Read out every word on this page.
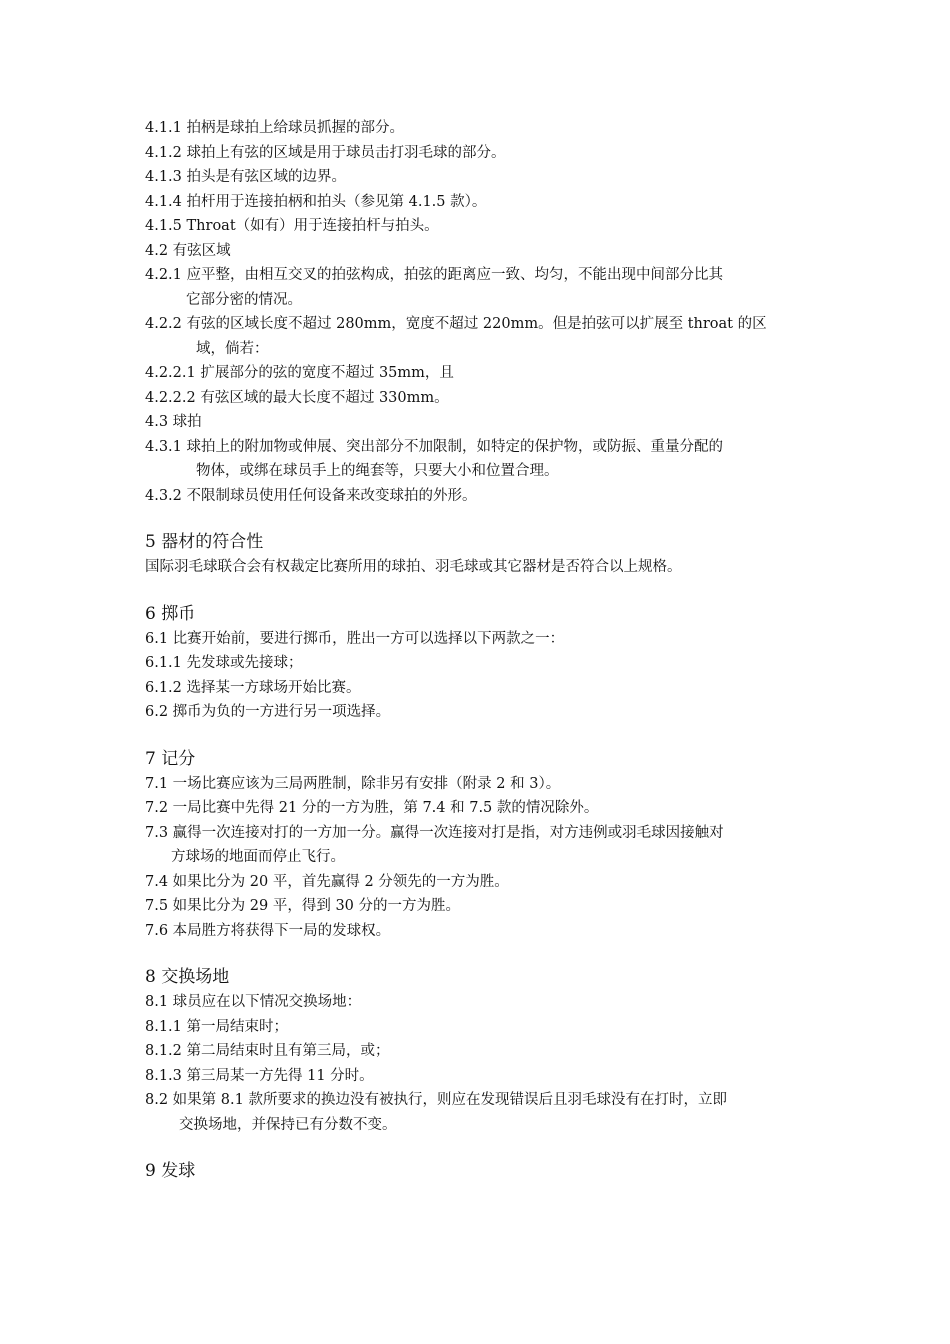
4.1.1 拍柄是球拍上给球员抓握的部分。
4.1.2 球拍上有弦的区域是用于球员击打羽毛球的部分。
4.1.3 拍头是有弦区域的边界。
4.1.4 拍杆用于连接拍柄和拍头（参见第 4.1.5 款）。
4.1.5 Throat（如有）用于连接拍杆与拍头。
4.2 有弦区域
4.2.1 应平整，由相互交叉的拍弦构成，拍弦的距离应一致、均匀，不能出现中间部分比其
它部分密的情况。
4.2.2 有弦的区域长度不超过 280mm，宽度不超过 220mm。但是拍弦可以扩展至 throat 的区
域，倘若：
4.2.2.1 扩展部分的弦的宽度不超过 35mm，且
4.2.2.2 有弦区域的最大长度不超过 330mm。
4.3 球拍
4.3.1 球拍上的附加物或伸展、突出部分不加限制，如特定的保护物，或防振、重量分配的
物体，或绑在球员手上的绳套等，只要大小和位置合理。
4.3.2 不限制球员使用任何设备来改变球拍的外形。
5 器材的符合性
国际羽毛球联合会有权裁定比赛所用的球拍、羽毛球或其它器材是否符合以上规格。
6 掷币
6.1 比赛开始前，要进行掷币，胜出一方可以选择以下两款之一：
6.1.1 先发球或先接球；
6.1.2 选择某一方球场开始比赛。
6.2 掷币为负的一方进行另一项选择。
7 记分
7.1 一场比赛应该为三局两胜制，除非另有安排（附录 2 和 3）。
7.2 一局比赛中先得 21 分的一方为胜，第 7.4 和 7.5 款的情况除外。
7.3 赢得一次连接对打的一方加一分。赢得一次连接对打是指，对方违例或羽毛球因接触对
方球场的地面而停止飞行。
7.4 如果比分为 20 平，首先赢得 2 分领先的一方为胜。
7.5 如果比分为 29 平，得到 30 分的一方为胜。
7.6 本局胜方将获得下一局的发球权。
8 交换场地
8.1 球员应在以下情况交换场地：
8.1.1 第一局结束时；
8.1.2 第二局结束时且有第三局，或；
8.1.3 第三局某一方先得 11 分时。
8.2 如果第 8.1 款所要求的换边没有被执行，则应在发现错误后且羽毛球没有在打时，立即
交换场地，并保持已有分数不变。
9 发球
